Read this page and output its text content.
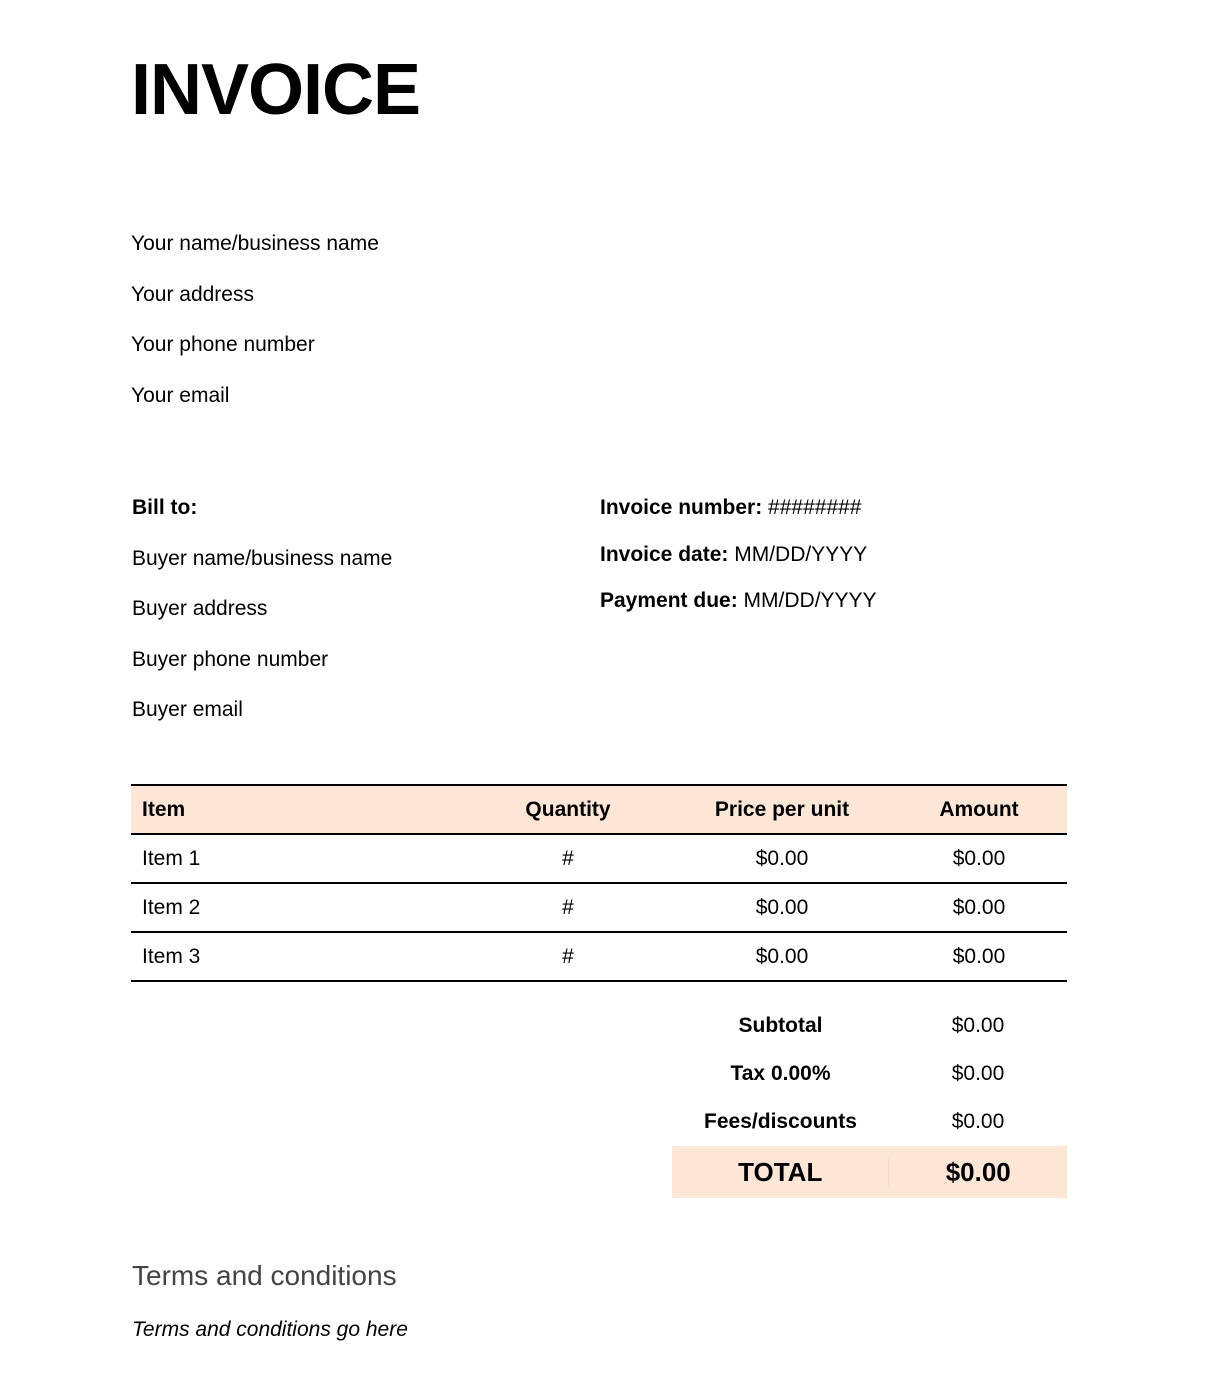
INVOICE
Your name/business name
Your address
Your phone number
Your email
Bill to:
Buyer name/business name
Buyer address
Buyer phone number
Buyer email
Invoice number: ########
Invoice date: MM/DD/YYYY
Payment due: MM/DD/YYYY
Item	Quantity	Price per unit	Amount
Item 1	#	$0.00	$0.00
Item 2	#	$0.00	$0.00
Item 3	#	$0.00	$0.00
Subtotal	$0.00
Tax 0.00%	$0.00
Fees/discounts	$0.00
TOTAL	$0.00
Terms and conditions
Terms and conditions go here
